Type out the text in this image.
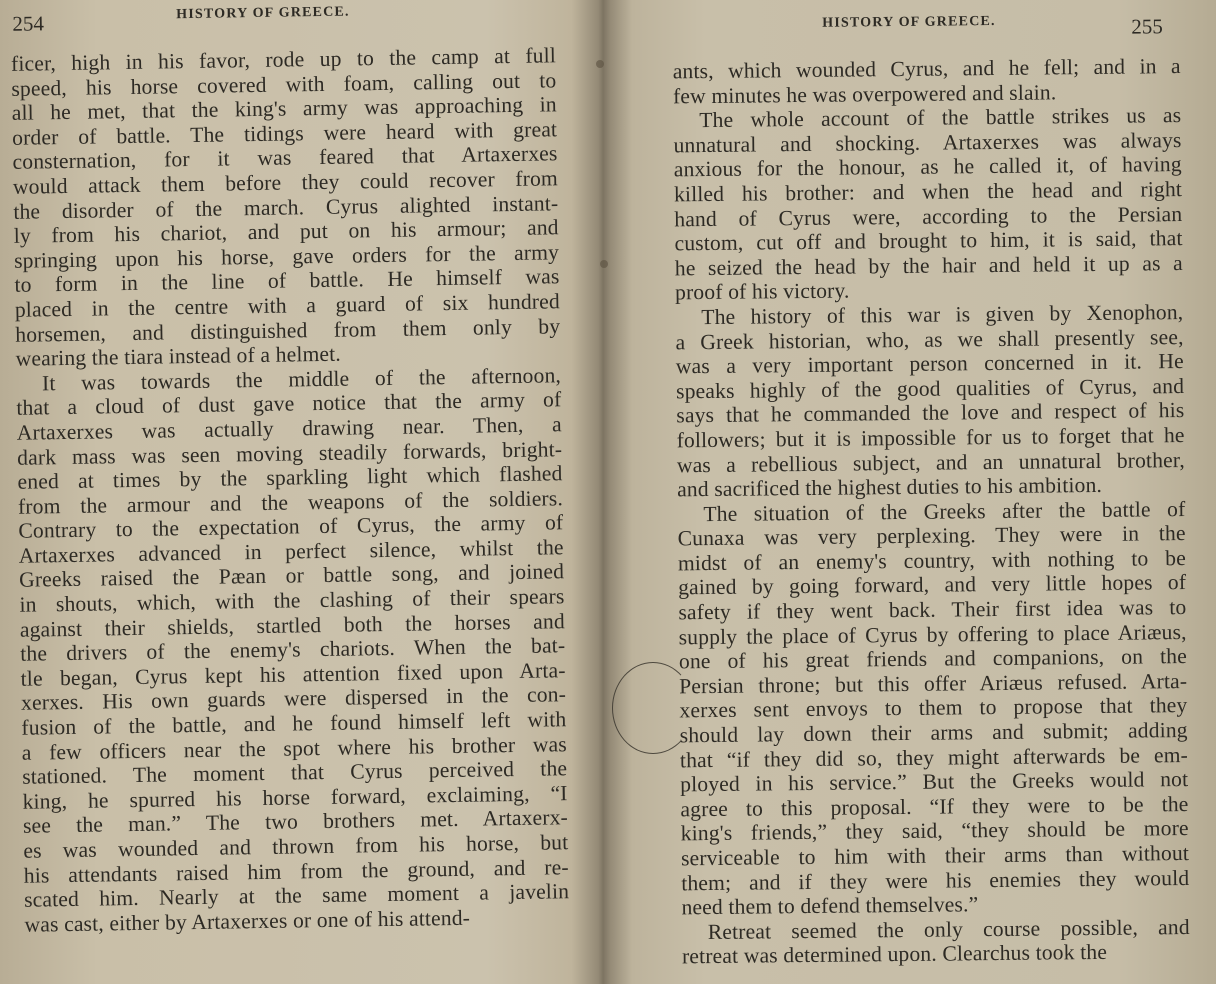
254	HISTORY OF GREECE.
ficer, high in his favor, rode up to the camp at full
speed, his horse covered with foam, calling out to
all he met, that the king's army was approaching in
order of battle. The tidings were heard with great
consternation, for it was feared that Artaxerxes
would attack them before they could recover from
the disorder of the march. Cyrus alighted instant-
ly from his chariot, and put on his armour; and
springing upon his horse, gave orders for the army
to form in the line of battle. He himself was
placed in the centre with a guard of six hundred
horsemen, and distinguished from them only by
wearing the tiara instead of a helmet.
It was towards the middle of the afternoon,
that a cloud of dust gave notice that the army of
Artaxerxes was actually drawing near. Then, a
dark mass was seen moving steadily forwards, bright-
ened at times by the sparkling light which flashed
from the armour and the weapons of the soldiers.
Contrary to the expectation of Cyrus, the army of
Artaxerxes advanced in perfect silence, whilst the
Greeks raised the Pæan or battle song, and joined
in shouts, which, with the clashing of their spears
against their shields, startled both the horses and
the drivers of the enemy's chariots. When the bat-
tle began, Cyrus kept his attention fixed upon Arta-
xerxes. His own guards were dispersed in the con-
fusion of the battle, and he found himself left with
a few officers near the spot where his brother was
stationed. The moment that Cyrus perceived the
king, he spurred his horse forward, exclaiming, “I
see the man.” The two brothers met. Artaxerx-
es was wounded and thrown from his horse, but
his attendants raised him from the ground, and re-
scated him. Nearly at the same moment a javelin
was cast, either by Artaxerxes or one of his attend-
HISTORY OF GREECE.	255
ants, which wounded Cyrus, and he fell; and in a
few minutes he was overpowered and slain.
The whole account of the battle strikes us as
unnatural and shocking. Artaxerxes was always
anxious for the honour, as he called it, of having
killed his brother: and when the head and right
hand of Cyrus were, according to the Persian
custom, cut off and brought to him, it is said, that
he seized the head by the hair and held it up as a
proof of his victory.
The history of this war is given by Xenophon,
a Greek historian, who, as we shall presently see,
was a very important person concerned in it. He
speaks highly of the good qualities of Cyrus, and
says that he commanded the love and respect of his
followers; but it is impossible for us to forget that he
was a rebellious subject, and an unnatural brother,
and sacrificed the highest duties to his ambition.
The situation of the Greeks after the battle of
Cunaxa was very perplexing. They were in the
midst of an enemy's country, with nothing to be
gained by going forward, and very little hopes of
safety if they went back. Their first idea was to
supply the place of Cyrus by offering to place Ariæus,
one of his great friends and companions, on the
Persian throne; but this offer Ariæus refused. Arta-
xerxes sent envoys to them to propose that they
should lay down their arms and submit; adding
that “if they did so, they might afterwards be em-
ployed in his service.” But the Greeks would not
agree to this proposal. “If they were to be the
king's friends,” they said, “they should be more
serviceable to him with their arms than without
them; and if they were his enemies they would
need them to defend themselves.”
Retreat seemed the only course possible, and
retreat was determined upon. Clearchus took the
